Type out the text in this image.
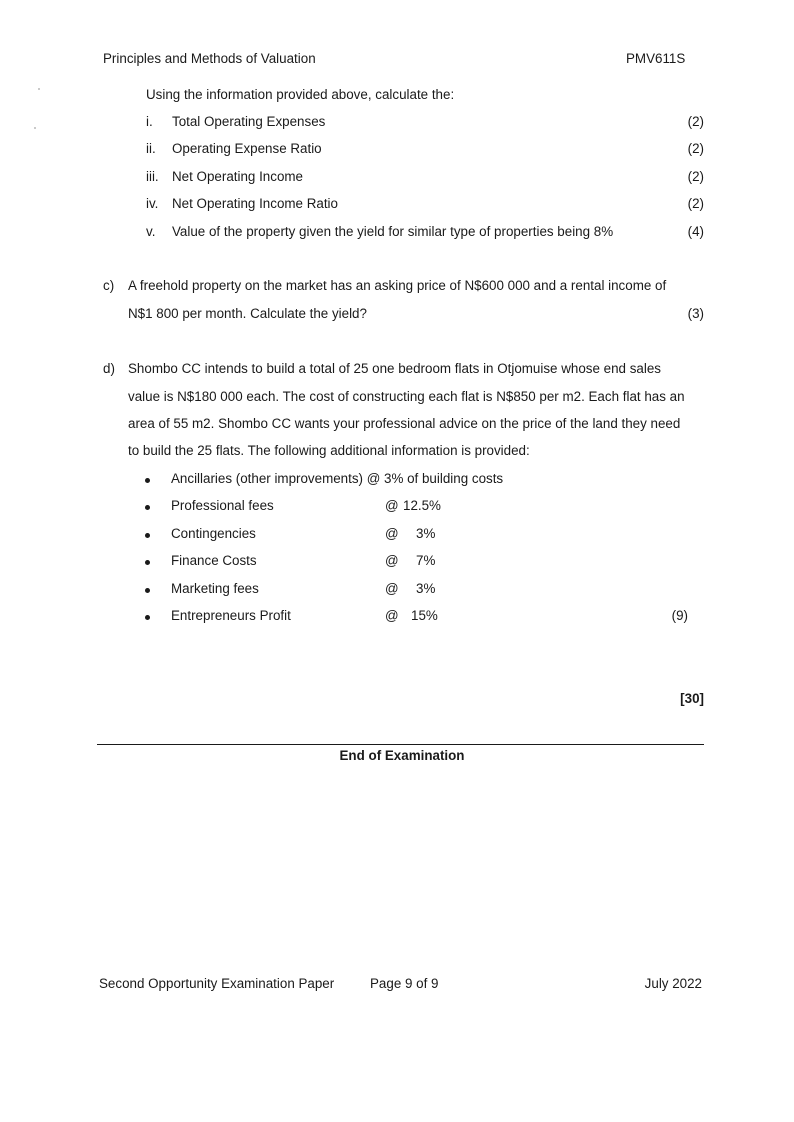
Principles and Methods of Valuation	PMV611S
Using the information provided above, calculate the:
i. Total Operating Expenses	(2)
ii. Operating Expense Ratio	(2)
iii. Net Operating Income	(2)
iv. Net Operating Income Ratio	(2)
v. Value of the property given the yield for similar type of properties being 8%	(4)
c) A freehold property on the market has an asking price of N$600 000 and a rental income of
N$1 800 per month. Calculate the yield?	(3)
d) Shombo CC intends to build a total of 25 one bedroom flats in Otjomuise whose end sales
value is N$180 000 each. The cost of constructing each flat is N$850 per m2. Each flat has an
area of 55 m2. Shombo CC wants your professional advice on the price of the land they need
to build the 25 flats. The following additional information is provided:
Ancillaries (other improvements) @ 3% of building costs
Professional fees	@ 12.5%
Contingencies	@ 3%
Finance Costs	@ 7%
Marketing fees	@ 3%
Entrepreneurs Profit	@ 15%	(9)
[30]
End of Examination
Second Opportunity Examination Paper	Page 9 of 9	July 2022
